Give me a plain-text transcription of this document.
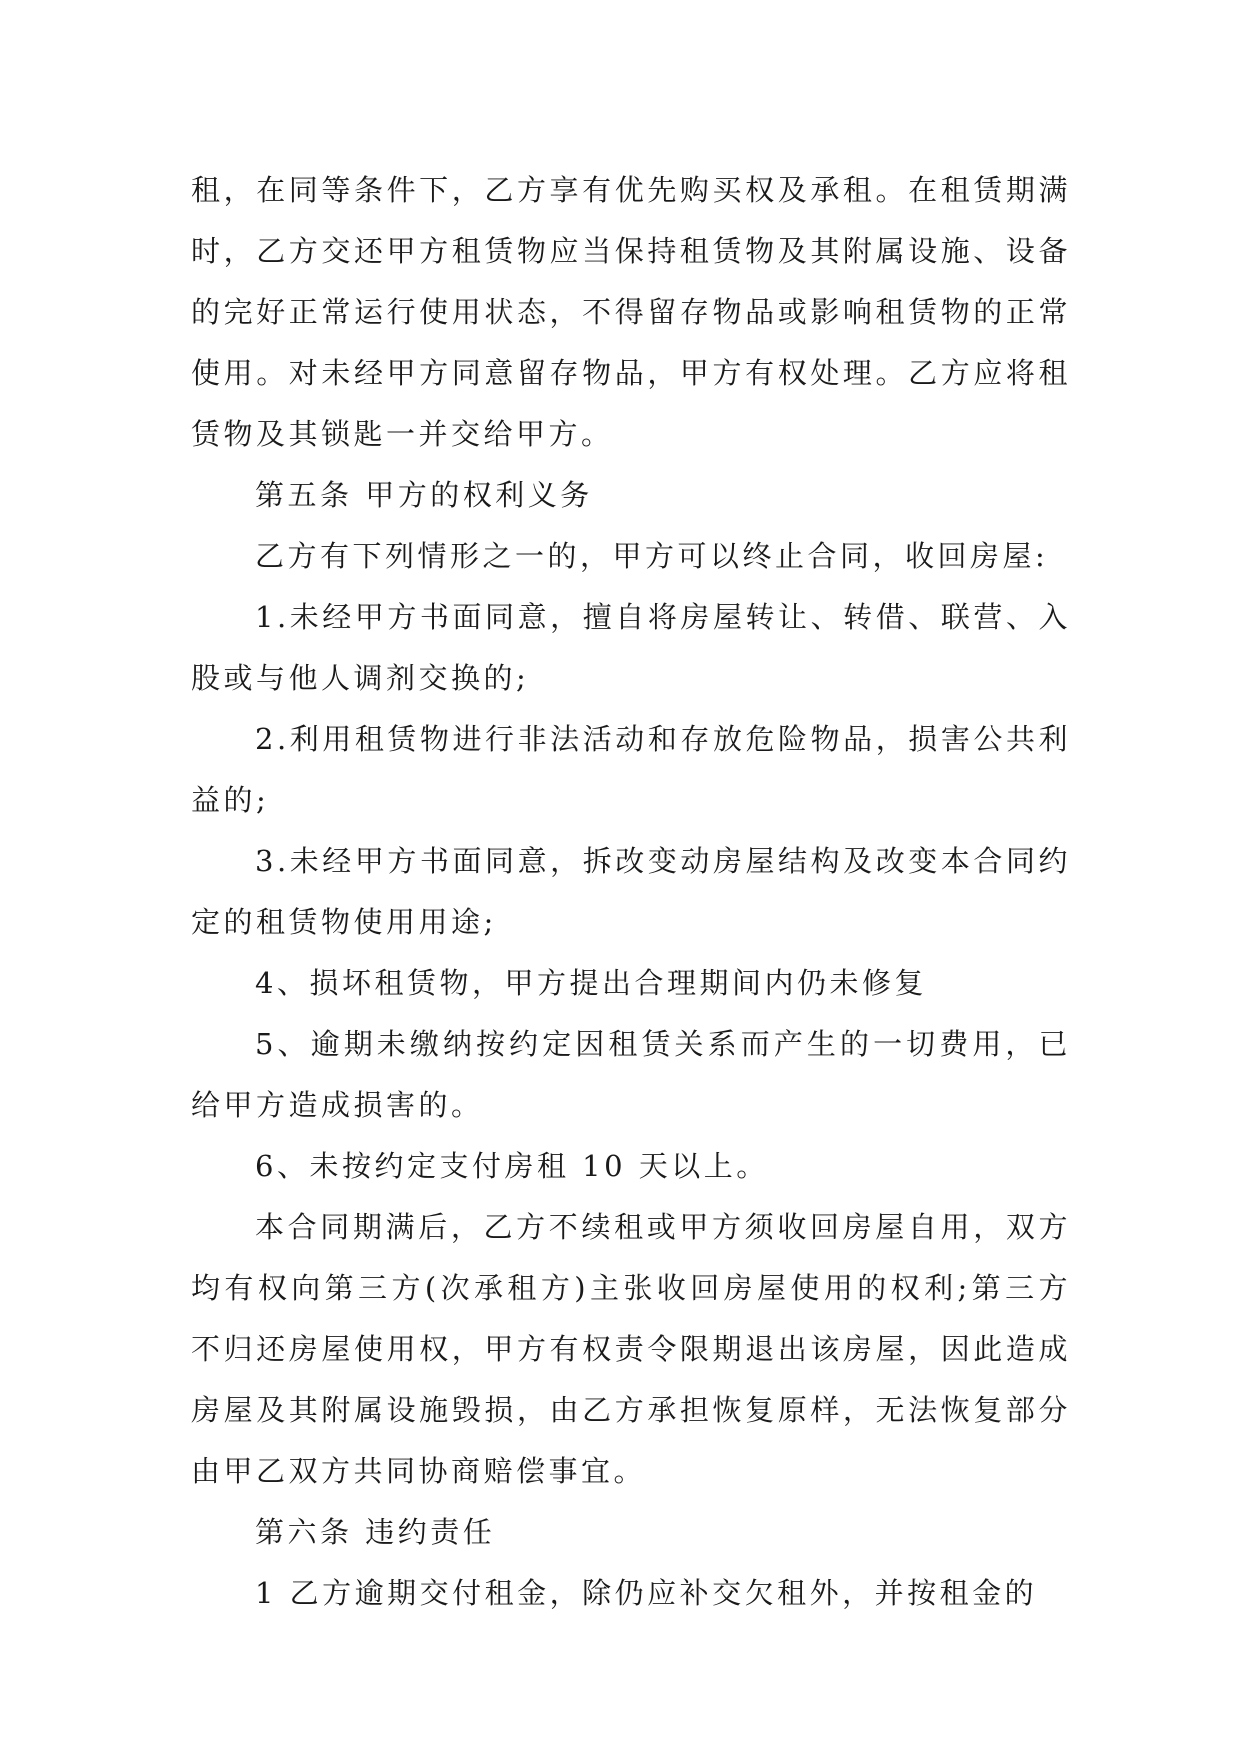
租，在同等条件下，乙方享有优先购买权及承租。在租赁期满时，乙方交还甲方租赁物应当保持租赁物及其附属设施、设备的完好正常运行使用状态，不得留存物品或影响租赁物的正常使用。对未经甲方同意留存物品，甲方有权处理。乙方应将租赁物及其锁匙一并交给甲方。

第五条 甲方的权利义务

乙方有下列情形之一的，甲方可以终止合同，收回房屋:

1.未经甲方书面同意，擅自将房屋转让、转借、联营、入股或与他人调剂交换的;

2.利用租赁物进行非法活动和存放危险物品，损害公共利益的;

3.未经甲方书面同意，拆改变动房屋结构及改变本合同约定的租赁物使用用途;

4、损坏租赁物，甲方提出合理期间内仍未修复

5、逾期未缴纳按约定因租赁关系而产生的一切费用，已给甲方造成损害的。

6、未按约定支付房租 10 天以上。

本合同期满后，乙方不续租或甲方须收回房屋自用，双方均有权向第三方(次承租方)主张收回房屋使用的权利;第三方不归还房屋使用权，甲方有权责令限期退出该房屋，因此造成房屋及其附属设施毁损，由乙方承担恢复原样，无法恢复部分由甲乙双方共同协商赔偿事宜。

第六条 违约责任

1 乙方逾期交付租金，除仍应补交欠租外，并按租金的
